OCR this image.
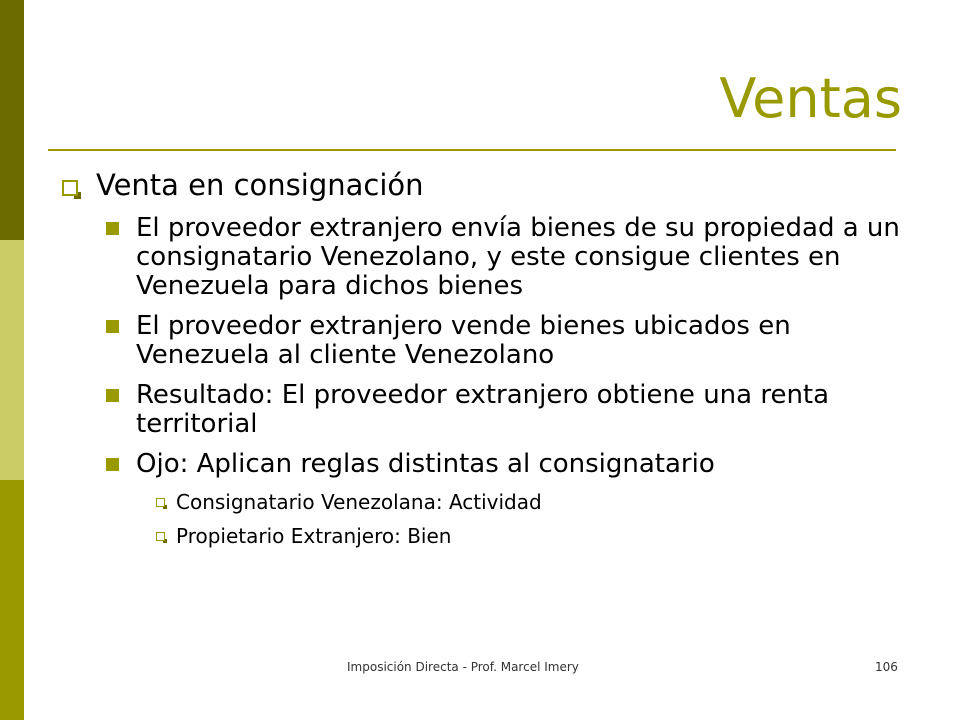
Ventas
Venta en consignación
El proveedor extranjero envía bienes de su propiedad a un consignatario Venezolano, y este consigue clientes en Venezuela para dichos bienes
El proveedor extranjero vende bienes ubicados en Venezuela al cliente Venezolano
Resultado: El proveedor extranjero obtiene una renta territorial
Ojo: Aplican reglas distintas al consignatario
Consignatario Venezolana: Actividad
Propietario Extranjero: Bien
Imposición Directa - Prof. Marcel Imery	106
